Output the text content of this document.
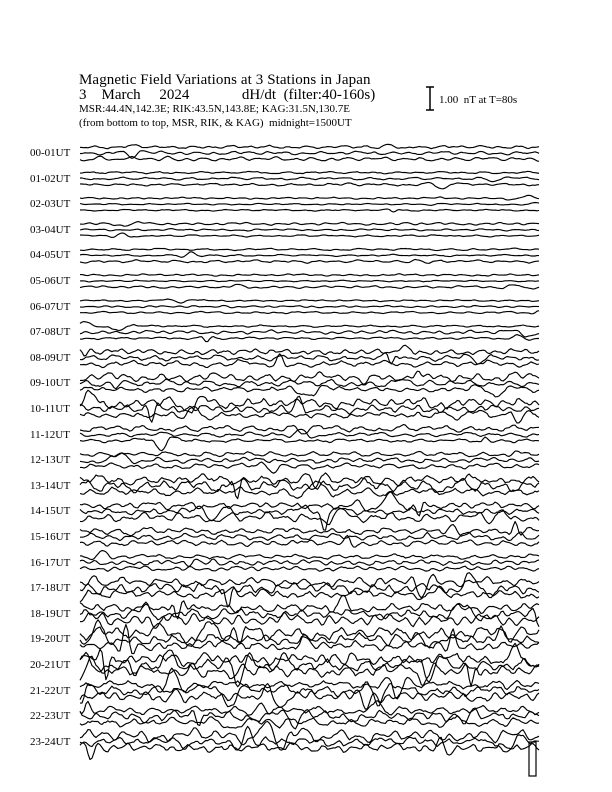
Magnetic Field Variations at 3 Stations in Japan
3    March     2024              dH/dt  (filter:40-160s)
MSR:44.4N,142.3E; RIK:43.5N,143.8E; KAG:31.5N,130.7E
(from bottom to top, MSR, RIK, & KAG)  midnight=1500UT
1.00  nT at T=80s
00-01UT
01-02UT
02-03UT
03-04UT
04-05UT
05-06UT
06-07UT
07-08UT
08-09UT
09-10UT
10-11UT
11-12UT
12-13UT
13-14UT
14-15UT
15-16UT
16-17UT
17-18UT
18-19UT
19-20UT
20-21UT
21-22UT
22-23UT
23-24UT
